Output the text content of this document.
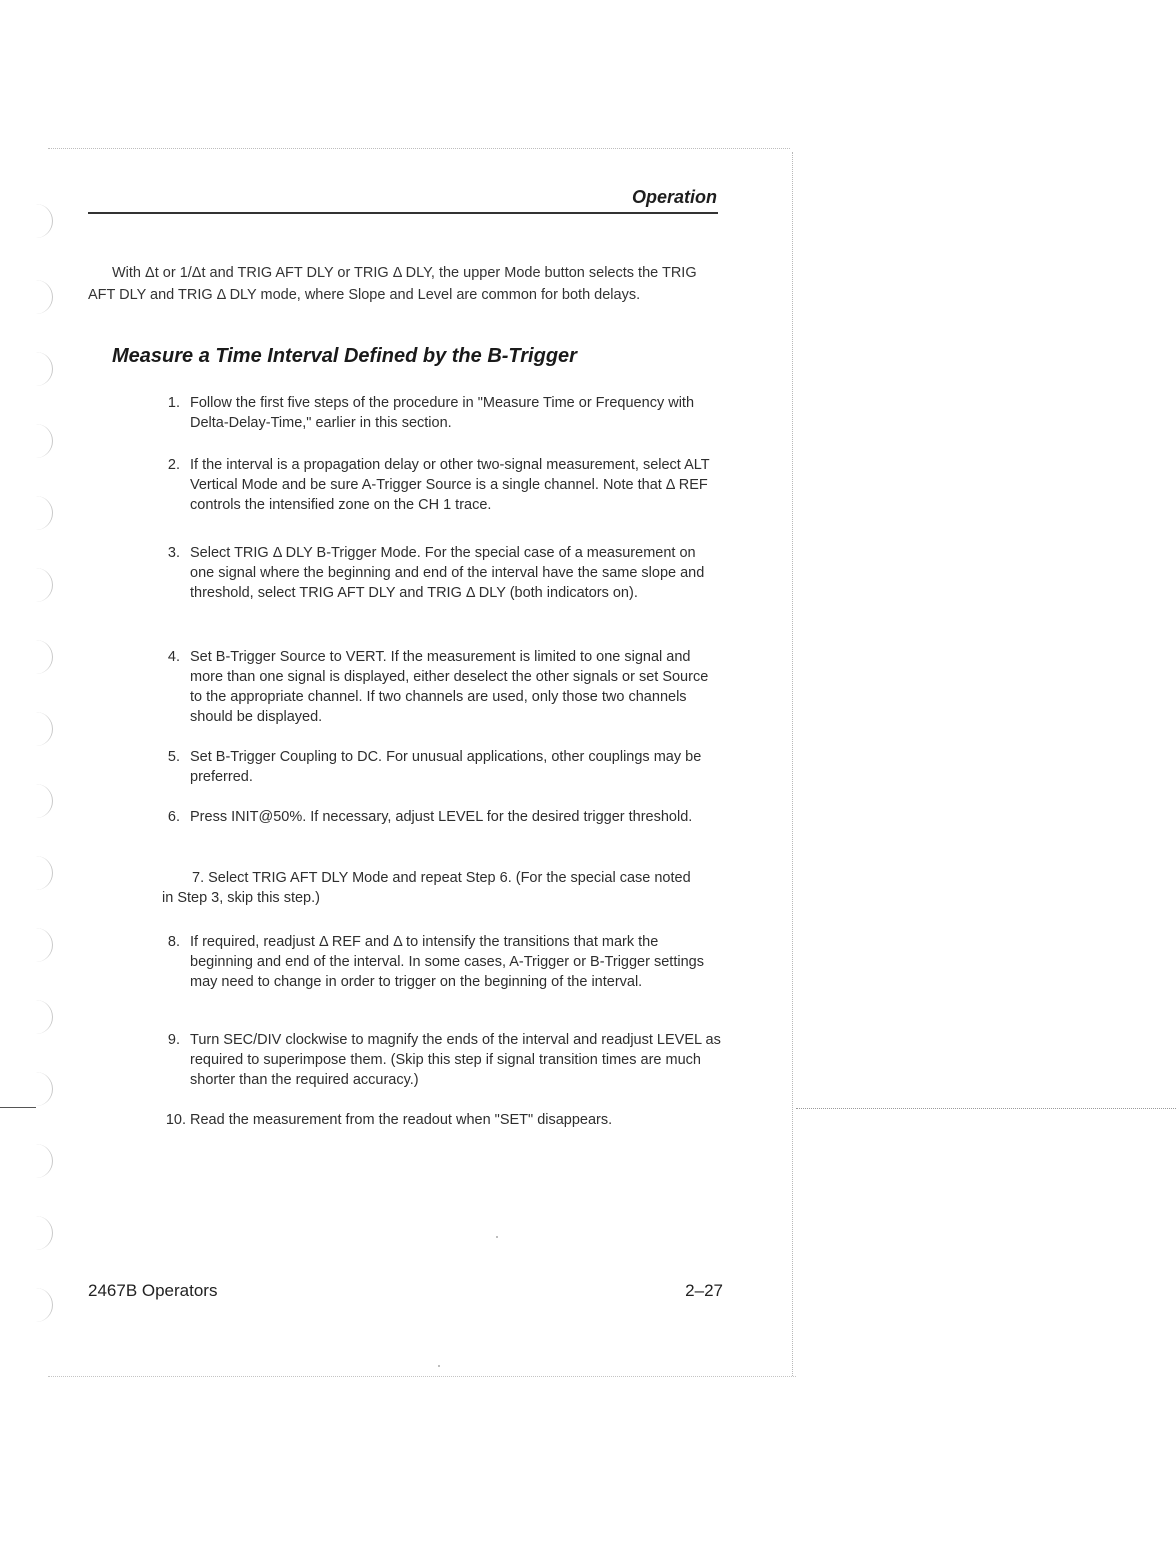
Operation
With Δt or 1/Δt and TRIG AFT DLY or TRIG Δ DLY, the upper Mode button selects the TRIG AFT DLY and TRIG Δ DLY mode, where Slope and Level are common for both delays.
Measure a Time Interval Defined by the B-Trigger
1. Follow the first five steps of the procedure in "Measure Time or Frequency with Delta-Delay-Time," earlier in this section.
2. If the interval is a propagation delay or other two-signal measurement, select ALT Vertical Mode and be sure A-Trigger Source is a single channel. Note that Δ REF controls the intensified zone on the CH 1 trace.
3. Select TRIG Δ DLY B-Trigger Mode. For the special case of a measurement on one signal where the beginning and end of the interval have the same slope and threshold, select TRIG AFT DLY and TRIG Δ DLY (both indicators on).
4. Set B-Trigger Source to VERT. If the measurement is limited to one signal and more than one signal is displayed, either deselect the other signals or set Source to the appropriate channel. If two channels are used, only those two channels should be displayed.
5. Set B-Trigger Coupling to DC. For unusual applications, other couplings may be preferred.
6. Press INIT@50%. If necessary, adjust LEVEL for the desired trigger threshold.
7. Select TRIG AFT DLY Mode and repeat Step 6. (For the special case noted in Step 3, skip this step.)
8. If required, readjust Δ REF and Δ to intensify the transitions that mark the beginning and end of the interval. In some cases, A-Trigger or B-Trigger settings may need to change in order to trigger on the beginning of the interval.
9. Turn SEC/DIV clockwise to magnify the ends of the interval and readjust LEVEL as required to superimpose them. (Skip this step if signal transition times are much shorter than the required accuracy.)
10. Read the measurement from the readout when "SET" disappears.
2467B Operators	2–27
